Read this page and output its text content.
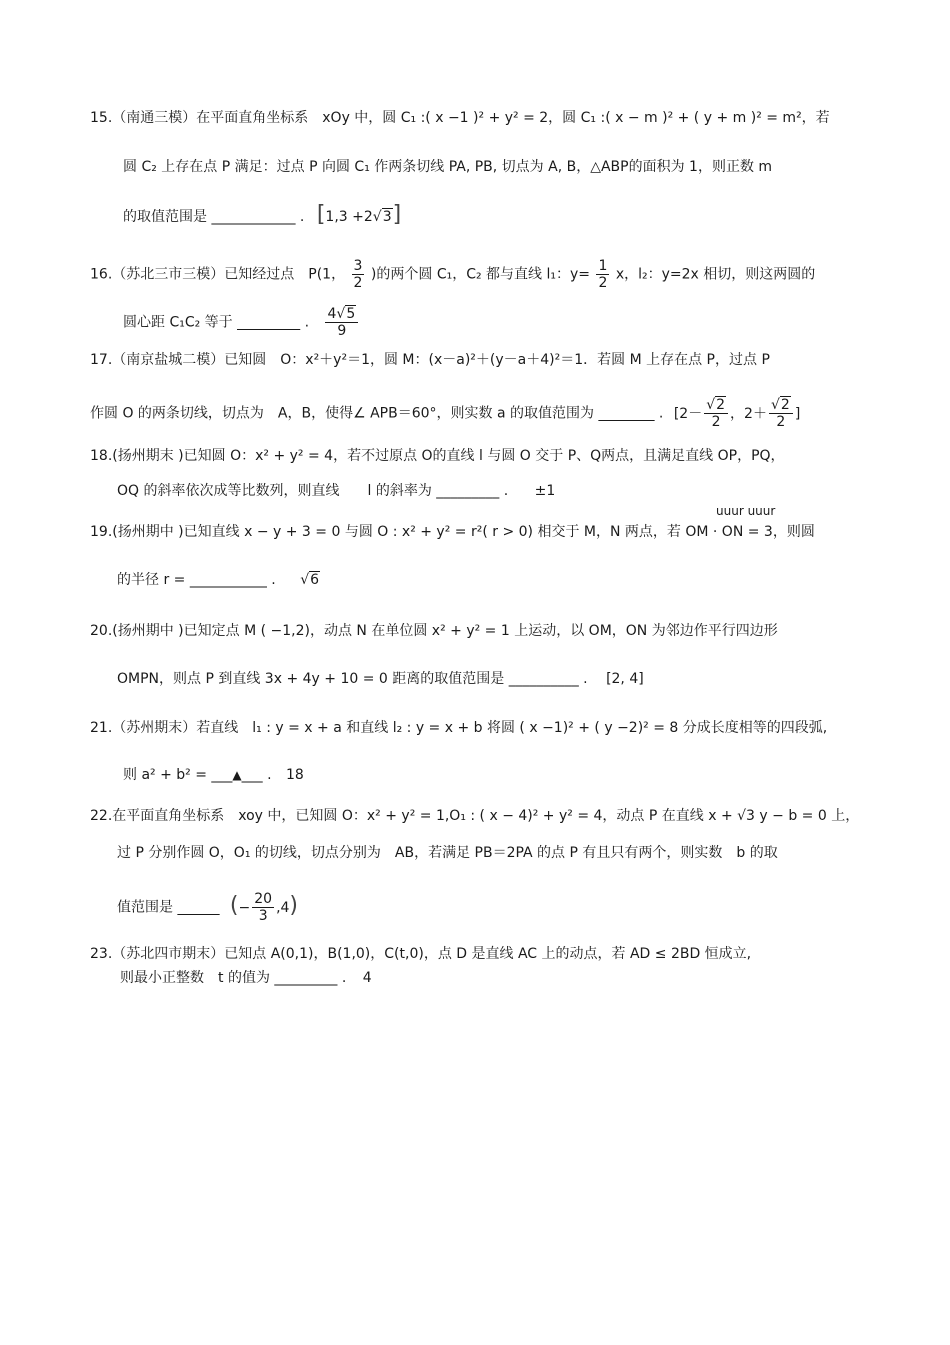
15.（南通三模）在平面直角坐标系　xOy 中，圆 C₁ :( x −1 )² + y² = 2，圆 C₁ :( x − m )² + ( y + m )² = m²，若
圆 C₂ 上存在点 P 满足：过点 P 向圆 C₁ 作两条切线 PA, PB, 切点为 A, B，△ABP的面积为 1，则正数 m
的取值范围是 ____________ . [1,3 +2√3]
16.（苏北三市三模）已知经过点　P(1， $\frac{3}{2}$ )的两个圆 C₁，C₂ 都与直线 l₁：$y= \frac{1}{2}$ x，l₂：y=2x 相切，则这两圆的
圆心距 C₁C₂ 等于 _________ . $\frac{4√5}{9}$
17.（南京盐城二模）已知圆　O：x²＋y²＝1，圆 M：(x－a)²＋(y－a＋4)²＝1．若圆 M 上存在点 P，过点 P
作圆 O 的两条切线，切点为　A，B，使得∠ APB＝60°，则实数 a 的取值范围为 ________ . [$2- \frac{√2}{2}$ ，$2+ \frac{√2}{2}$ ]
18.(扬州期末 )已知圆 O：x² + y² = 4，若不过原点 O的直线 l 与圆 O 交于 P、Q两点，且满足直线 OP，PQ，
OQ 的斜率依次成等比数列，则直线　　l 的斜率为 _________ . ±1
uuur uuur
19.(扬州期中 )已知直线 x − y + 3 = 0 与圆 O : x² + y² = r²( r > 0) 相交于 M，N 两点，若 OM · ON = 3，则圆
的半径 r = ___________ . √6
20.(扬州期中 )已知定点 M ( −1,2)，动点 N 在单位圆 x² + y² = 1 上运动，以 OM，ON 为邻边作平行四边形
OMPN，则点 P 到直线 3x + 4y + 10 = 0 距离的取值范围是 __________ . [2, 4]
21.（苏州期末）若直线　l₁ : y = x + a 和直线 l₂ : y = x + b 将圆 ( x −1)² + ( y −2)² = 8 分成长度相等的四段弧,
则 a² + b² = ___▲___ . 18
22.在平面直角坐标系　xoy 中，已知圆 O：x² + y² = 1,O₁ : ( x − 4)² + y² = 4，动点 P 在直线 x + √3 y − b = 0 上，
过 P 分别作圆 O，O₁ 的切线，切点分别为　AB，若满足 PB＝2PA 的点 P 有且只有两个，则实数　b 的取
值范围是 ______ (− $\frac{20}{3} ,4$)
23.（苏北四市期末）已知点 A(0,1)，B(1,0)，C(t,0)，点 D 是直线 AC 上的动点，若 AD ≤ 2BD 恒成立,
则最小正整数　t 的值为 _________ . 4
